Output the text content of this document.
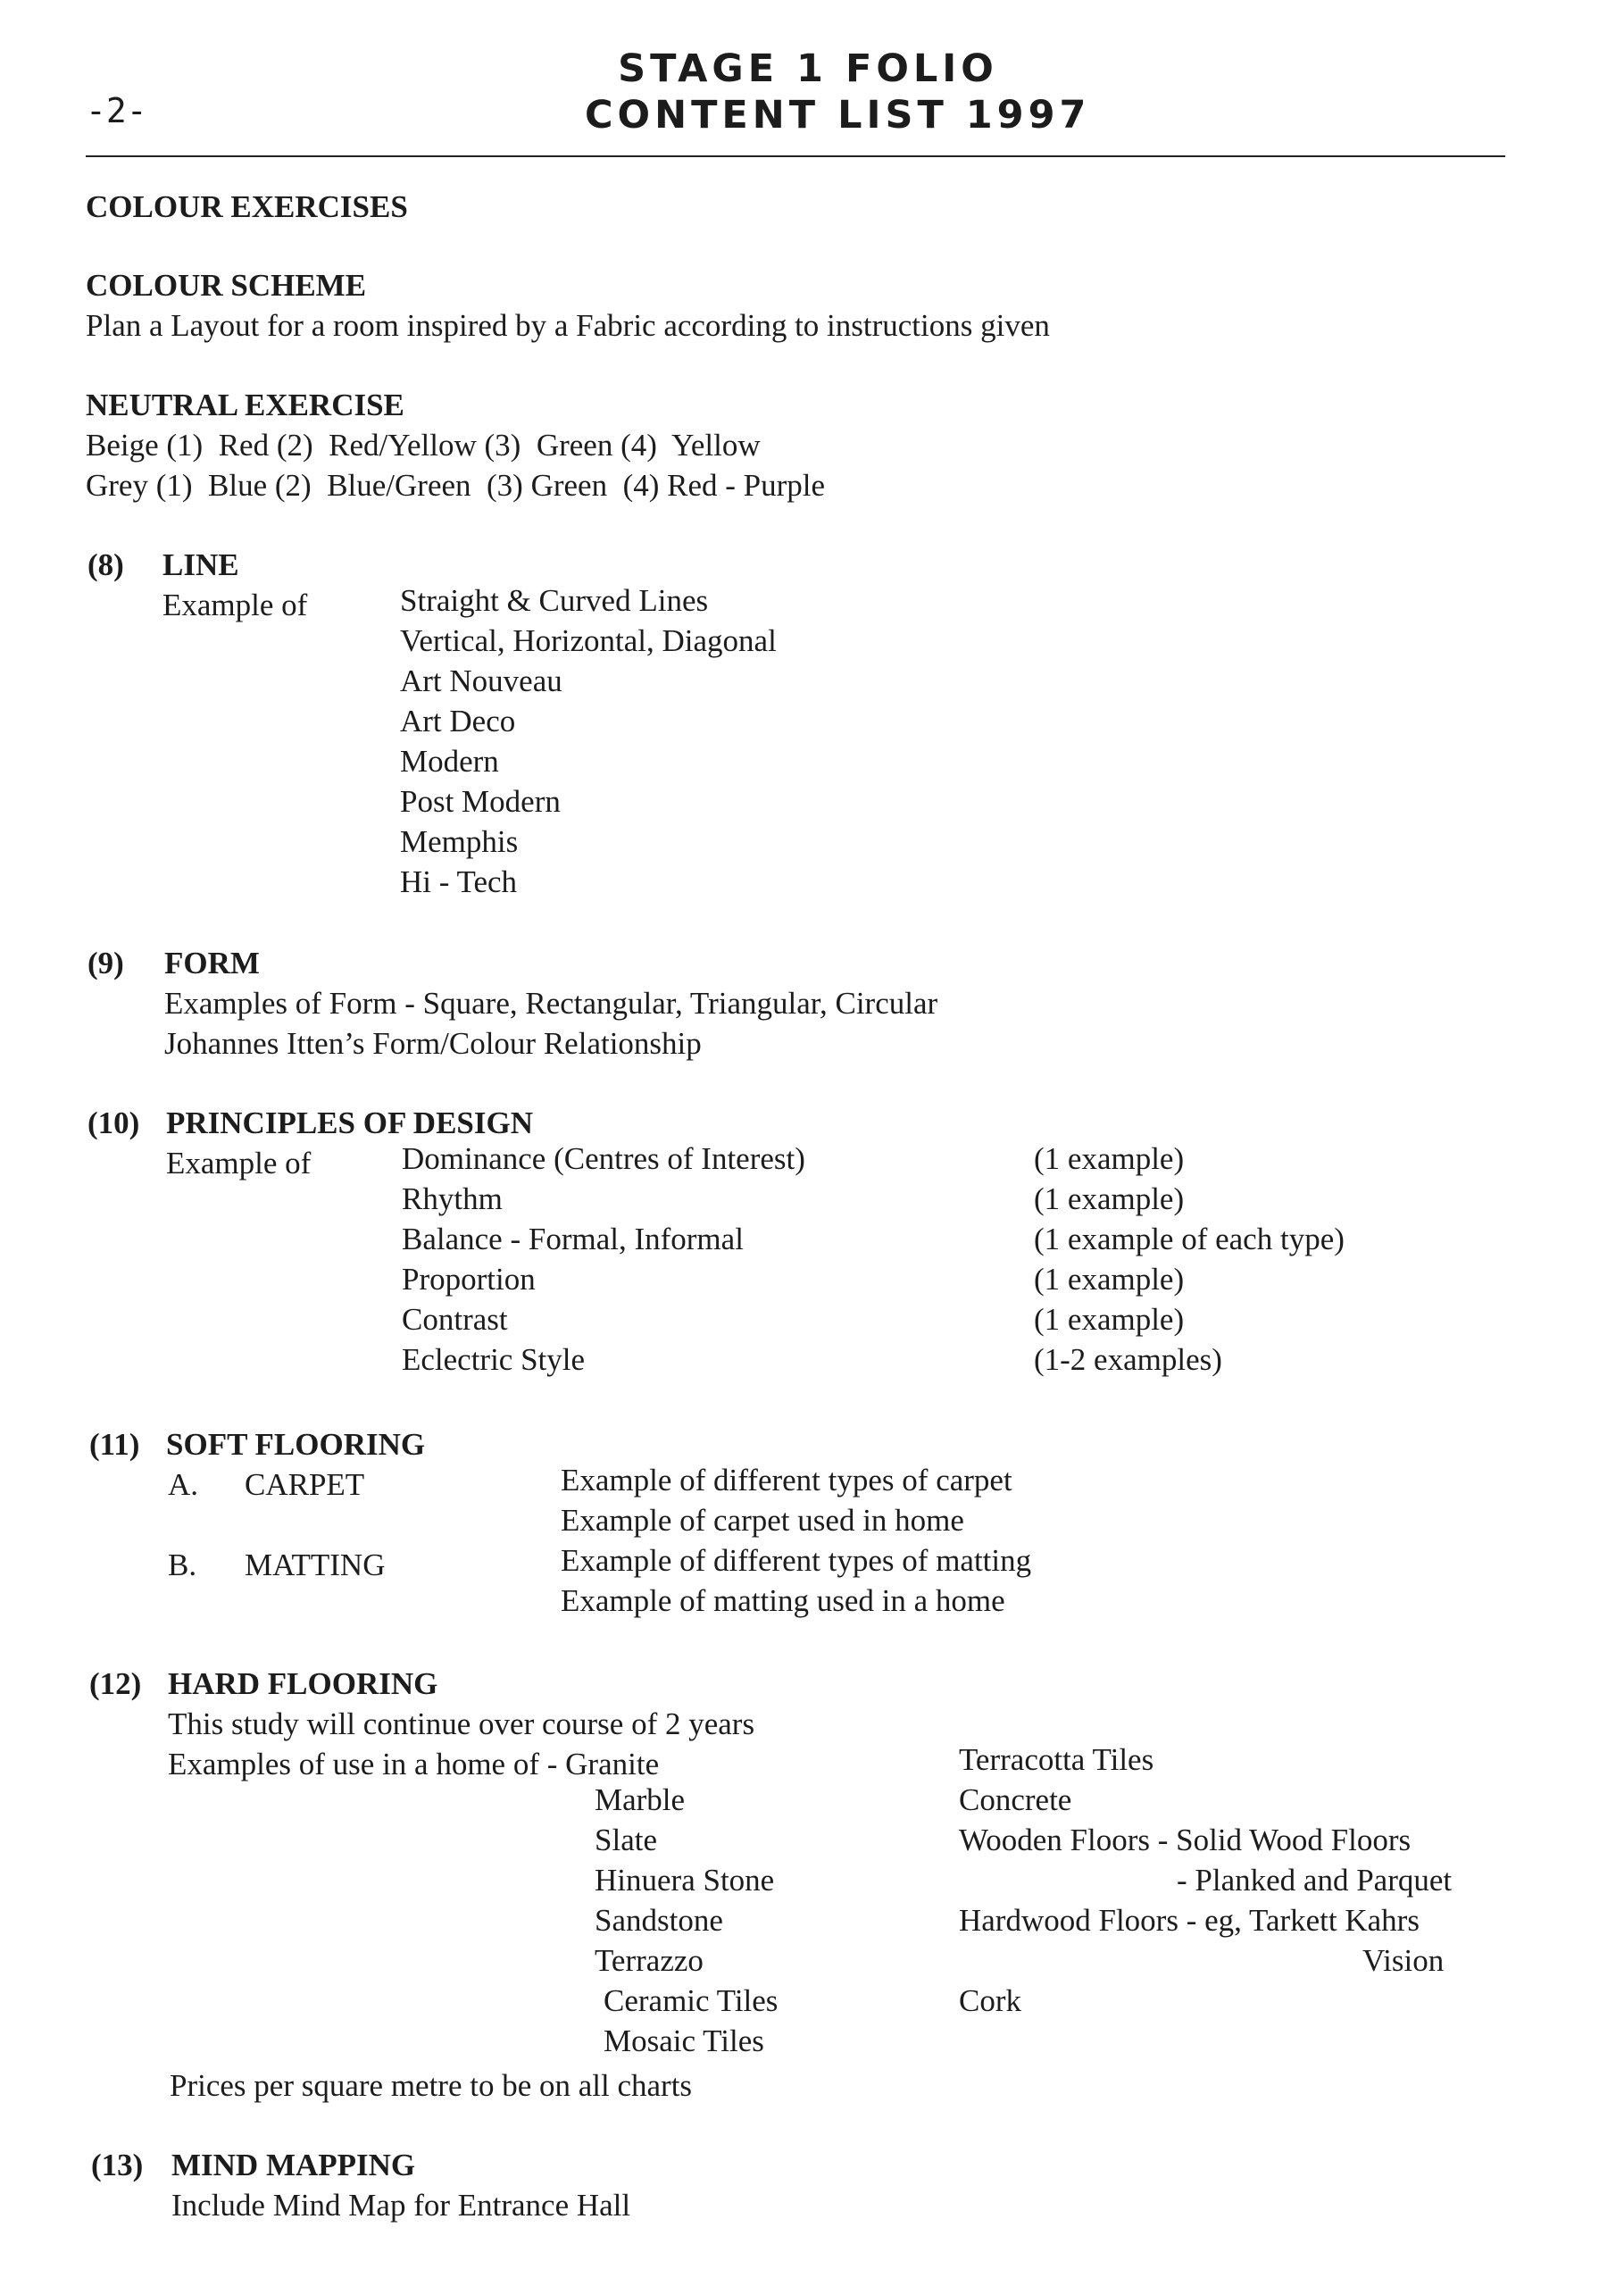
-2-
STAGE 1 FOLIO
CONTENT LIST 1997
COLOUR EXERCISES
COLOUR SCHEME
Plan a Layout for a room inspired by a Fabric according to instructions given
NEUTRAL EXERCISE
Beige (1)  Red (2)  Red/Yellow (3)  Green (4)  Yellow
Grey (1)  Blue (2)  Blue/Green  (3) Green  (4) Red - Purple
(8) LINE
Example of	Straight & Curved Lines
Vertical, Horizontal, Diagonal
Art Nouveau
Art Deco
Modern
Post Modern
Memphis
Hi - Tech
(9) FORM
Examples of Form - Square, Rectangular, Triangular, Circular
Johannes Itten’s Form/Colour Relationship
(10) PRINCIPLES OF DESIGN
Example of	Dominance (Centres of Interest)
Rhythm
Balance - Formal, Informal
Proportion
Contrast
Eclectric Style
(1 example)
(1 example)
(1 example of each type)
(1 example)
(1 example)
(1-2 examples)
(11) SOFT FLOORING
A. CARPET
B. MATTING
Example of different types of carpet
Example of carpet used in home
Example of different types of matting
Example of matting used in a home
(12) HARD FLOORING
This study will continue over course of 2 years
Examples of use in a home of - Granite
Marble
Slate
Hinuera Stone
Sandstone
Terrazzo
Ceramic Tiles
Mosaic Tiles
Terracotta Tiles
Concrete
Wooden Floors - Solid Wood Floors
- Planked and Parquet
Hardwood Floors - eg, Tarkett Kahrs
Vision
Cork
Prices per square metre to be on all charts
(13) MIND MAPPING
Include Mind Map for Entrance Hall
